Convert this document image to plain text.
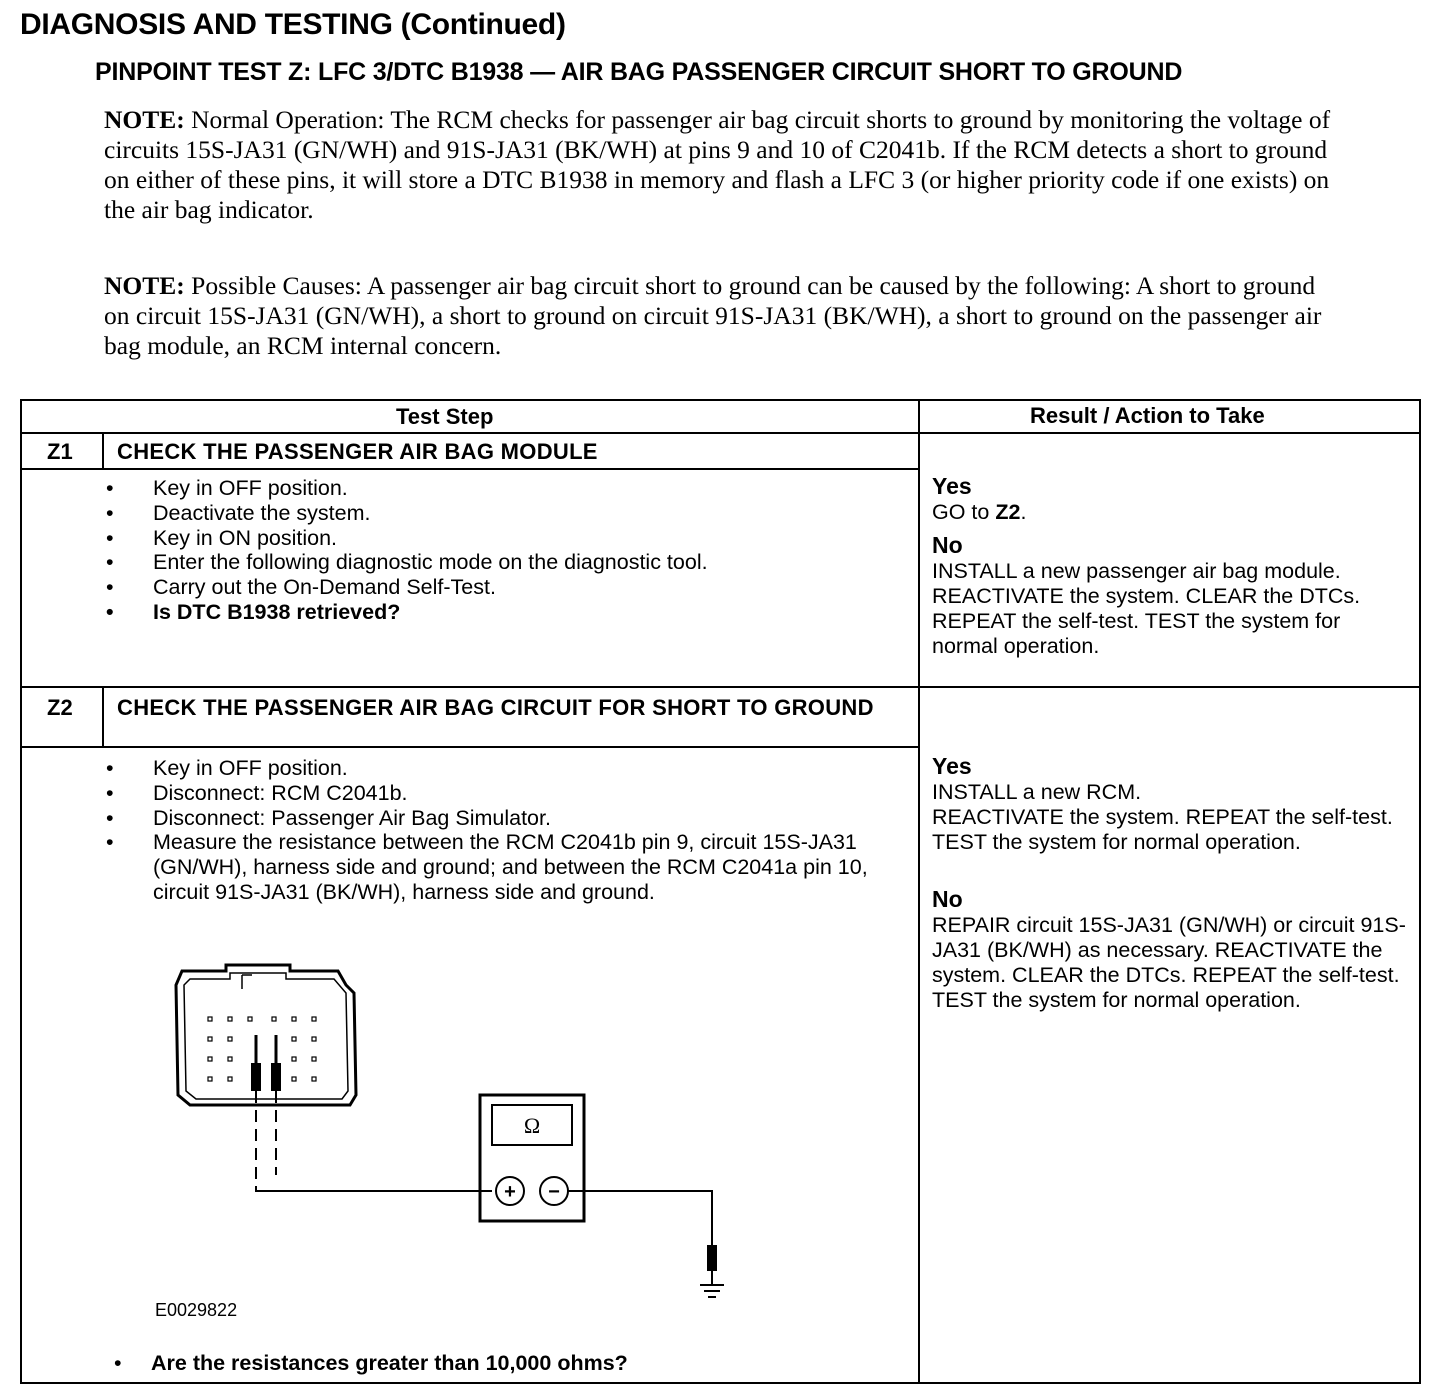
DIAGNOSIS AND TESTING (Continued)
PINPOINT TEST Z: LFC 3/DTC B1938 — AIR BAG PASSENGER CIRCUIT SHORT TO GROUND
NOTE: Normal Operation: The RCM checks for passenger air bag circuit shorts to ground by monitoring the voltage of circuits 15S-JA31 (GN/WH) and 91S-JA31 (BK/WH) at pins 9 and 10 of C2041b. If the RCM detects a short to ground on either of these pins, it will store a DTC B1938 in memory and flash a LFC 3 (or higher priority code if one exists) on the air bag indicator.
NOTE: Possible Causes: A passenger air bag circuit short to ground can be caused by the following: A short to ground on circuit 15S-JA31 (GN/WH), a short to ground on circuit 91S-JA31 (BK/WH), a short to ground on the passenger air bag module, an RCM internal concern.
Test Step	Result / Action to Take
Z1 CHECK THE PASSENGER AIR BAG MODULE
• Key in OFF position.
• Deactivate the system.
• Key in ON position.
• Enter the following diagnostic mode on the diagnostic tool.
• Carry out the On-Demand Self-Test.
• Is DTC B1938 retrieved?
Yes

GO to Z2.

No

INSTALL a new passenger air bag module. REACTIVATE the system. CLEAR the DTCs. REPEAT the self-test. TEST the system for normal operation.

Z2 CHECK THE PASSENGER AIR BAG CIRCUIT FOR SHORT TO GROUND
• Key in OFF position.
• Disconnect: RCM C2041b.
• Disconnect: Passenger Air Bag Simulator.
• Measure the resistance between the RCM C2041b pin 9, circuit 15S-JA31 (GN/WH), harness side and ground; and between the RCM C2041a pin 10, circuit 91S-JA31 (BK/WH), harness side and ground.
Ω
+ −
E0029822
• Are the resistances greater than 10,000 ohms?
Yes

INSTALL a new RCM.

REACTIVATE the system. REPEAT the self-test. TEST the system for normal operation.

No

REPAIR circuit 15S-JA31 (GN/WH) or circuit 91S-JA31 (BK/WH) as necessary. REACTIVATE the system. CLEAR the DTCs. REPEAT the self-test. TEST the system for normal operation.
